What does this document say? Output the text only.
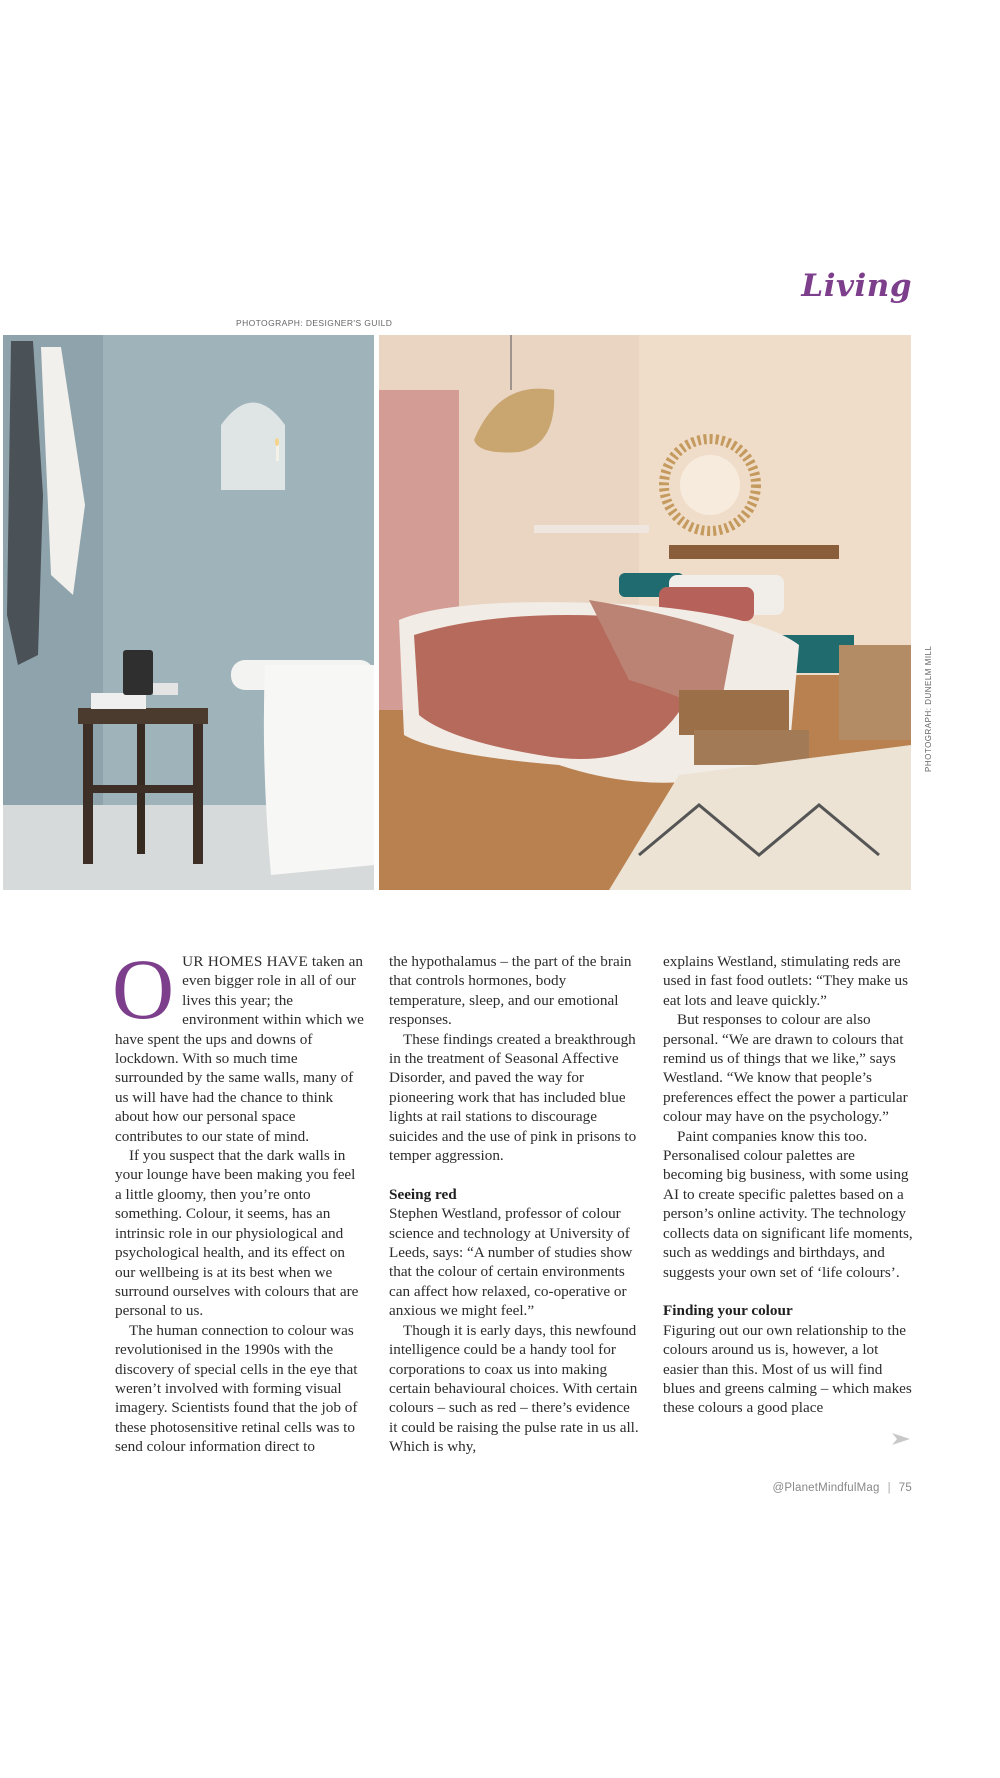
Living
PHOTOGRAPH: DESIGNER'S GUILD
PHOTOGRAPH: DUNELM MILL
O UR HOMES HAVE taken an even bigger role in all of our lives this year; the environment within which we have spent the ups and downs of lockdown. With so much time surrounded by the same walls, many of us will have had the chance to think about how our personal space contributes to our state of mind.

If you suspect that the dark walls in your lounge have been making you feel a little gloomy, then you’re onto something. Colour, it seems, has an intrinsic role in our physiological and psychological health, and its effect on our wellbeing is at its best when we surround ourselves with colours that are personal to us.

The human connection to colour was revolutionised in the 1990s with the discovery of special cells in the eye that weren’t involved with forming visual imagery. Scientists found that the job of these photosensitive retinal cells was to send colour information direct to

the hypothalamus – the part of the brain that controls hormones, body temperature, sleep, and our emotional responses.

These findings created a breakthrough in the treatment of Seasonal Affective Disorder, and paved the way for pioneering work that has included blue lights at rail stations to discourage suicides and the use of pink in prisons to temper aggression.

Seeing red

Stephen Westland, professor of colour science and technology at University of Leeds, says: “A number of studies show that the colour of certain environments can affect how relaxed, co-operative or anxious we might feel.”

Though it is early days, this newfound intelligence could be a handy tool for corporations to coax us into making certain behavioural choices. With certain colours – such as red – there’s evidence it could be raising the pulse rate in us all. Which is why,

explains Westland, stimulating reds are used in fast food outlets: “They make us eat lots and leave quickly.”

But responses to colour are also personal. “We are drawn to colours that remind us of things that we like,” says Westland. “We know that people’s preferences effect the power a particular colour may have on the psychology.”

Paint companies know this too. Personalised colour palettes are becoming big business, with some using AI to create specific palettes based on a person’s online activity. The technology collects data on significant life moments, such as weddings and birthdays, and suggests your own set of ‘life colours’.

Finding your colour

Figuring out our own relationship to the colours around us is, however, a lot easier than this. Most of us will find blues and greens calming – which makes these colours a good place

@PlanetMindfulMag | 75
